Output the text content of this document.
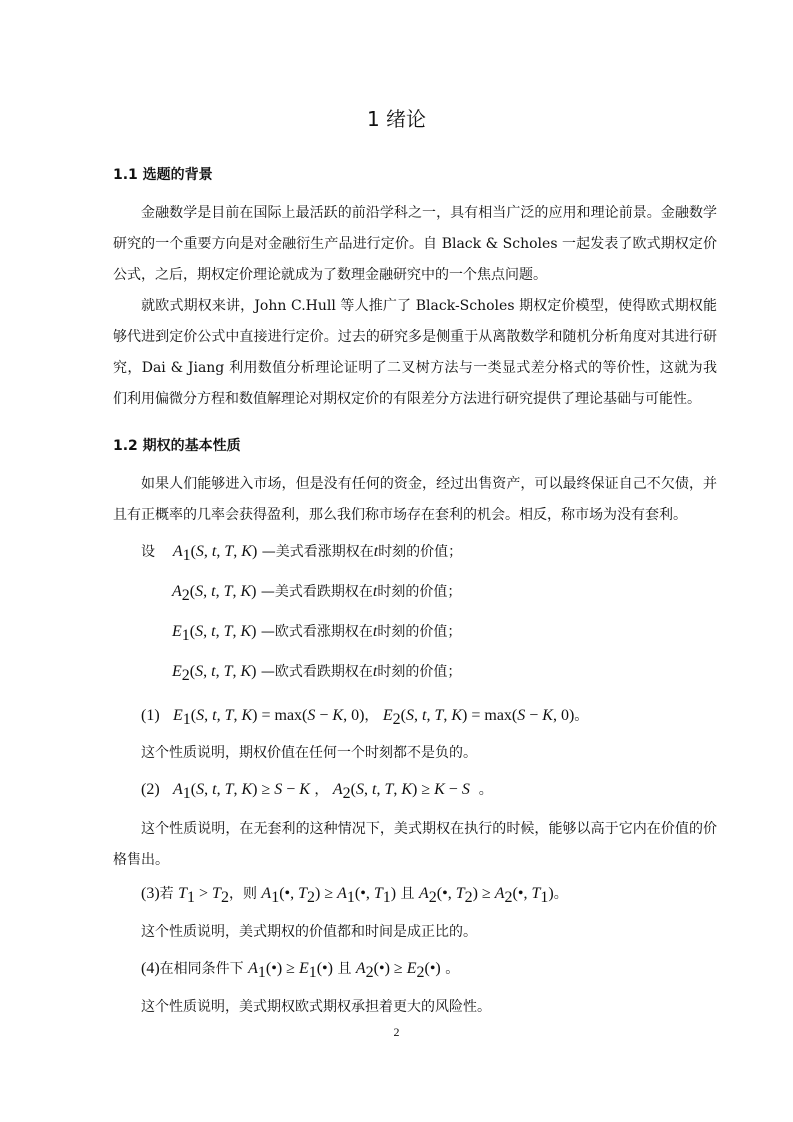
1 绪论
1.1 选题的背景

金融数学是目前在国际上最活跃的前沿学科之一，具有相当广泛的应用和理论前景。金融数学研究的一个重要方向是对金融衍生产品进行定价。自 Black & Scholes 一起发表了欧式期权定价公式，之后，期权定价理论就成为了数理金融研究中的一个焦点问题。

就欧式期权来讲，John C.Hull 等人推广了 Black-Scholes 期权定价模型，使得欧式期权能够代进到定价公式中直接进行定价。过去的研究多是侧重于从离散数学和随机分析角度对其进行研究，Dai & Jiang 利用数值分析理论证明了二叉树方法与一类显式差分格式的等价性，这就为我们利用偏微分方程和数值解理论对期权定价的有限差分方法进行研究提供了理论基础与可能性。

1.2 期权的基本性质

如果人们能够进入市场，但是没有任何的资金，经过出售资产，可以最终保证自己不欠债，并且有正概率的几率会获得盈利，那么我们称市场存在套利的机会。相反，称市场为没有套利。

设 $A_1(S$, t, T, K) —美式看涨期权在t时刻的价值；
$A_2(S$, t, T, K) —美式看跌期权在t时刻的价值；
$E_1(S$, t, T, K) —欧式看涨期权在t时刻的价值；
$E_2(S$, t, T, K) —欧式看跌期权在t时刻的价值；
(1) $E_1(S$, t, T, K) = max(S − K, 0)， $E_2(S$, t, T, K) = max(S − K, 0)。
这个性质说明，期权价值在任何一个时刻都不是负的。
(2) $A_1(S$, t, T, K) ≥ S − K ， $A_2(S$, t, T, K) ≥ K − S  。

这个性质说明，在无套利的这种情况下，美式期权在执行的时候，能够以高于它内在价值的价格售出。

(3)若 $T_1 > T_2$，则 $A_1(•$, $T_2$) ≥ $A_1(•$, $T_1$) 且 $A_2(•$, $T_2$) ≥ $A_2(•$, $T_1$)。
这个性质说明，美式期权的价值都和时间是成正比的。
(4)在相同条件下 $A_1(•)$ ≥ $E_1(•)$ 且 $A_2(•)$ ≥ $E_2(•)$ 。
这个性质说明，美式期权欧式期权承担着更大的风险性。
2
